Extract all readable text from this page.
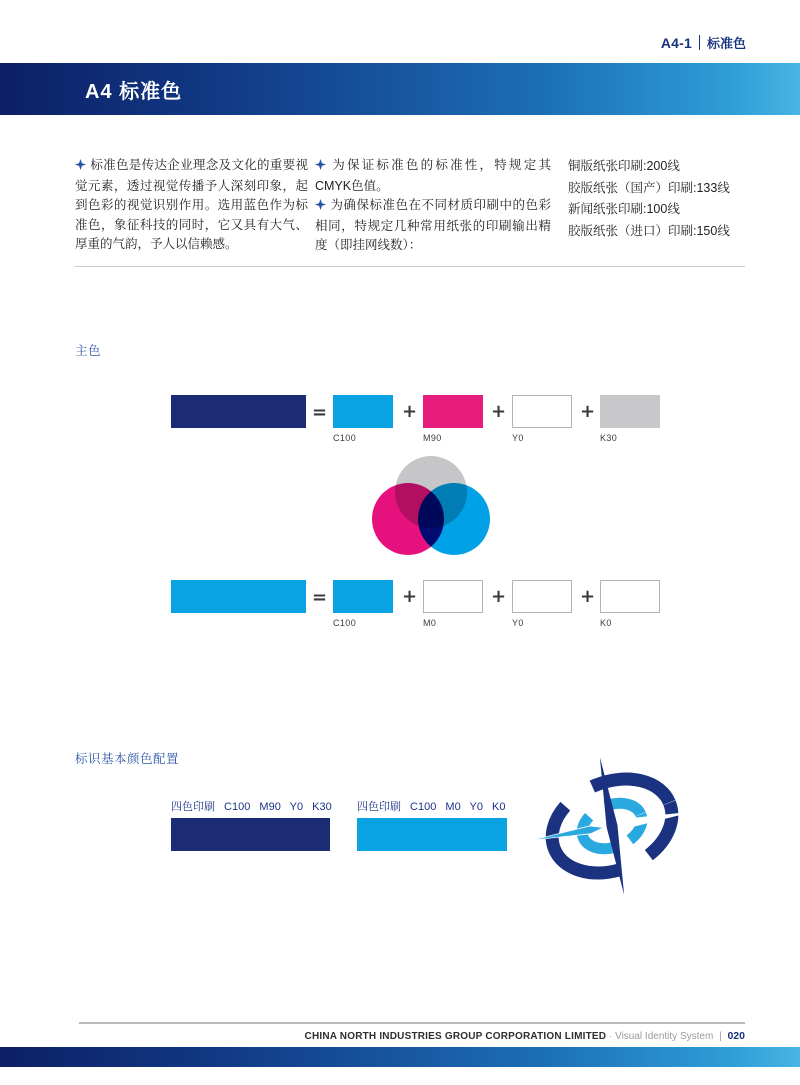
A4-1 标准色
A4 标准色
标准色是传达企业理念及文化的重要视觉元素，透过视觉传播予人深刻印象，起到色彩的视觉识别作用。选用蓝色作为标准色，象征科技的同时，它又具有大气、厚重的气韵，予人以信赖感。

为保证标准色的标准性，特规定其CMYK色值。

为确保标准色在不同材质印刷中的色彩相同，特规定几种常用纸张的印刷输出精度（即挂网线数）：

铜版纸张印刷:200线
胶版纸张（国产）印刷:133线
新闻纸张印刷:100线
胶版纸张（进口）印刷:150线
主色
=	+	+	+
C100	M90	Y0	K30
=	+	+	+
C100	M0	Y0	K0
标识基本颜色配置
四色印刷 C100 M90 Y0 K30 四色印刷 C100 M0 Y0 K0
CHINA NORTH INDUSTRIES GROUP CORPORATION LIMITED · Visual Identity System | 020
